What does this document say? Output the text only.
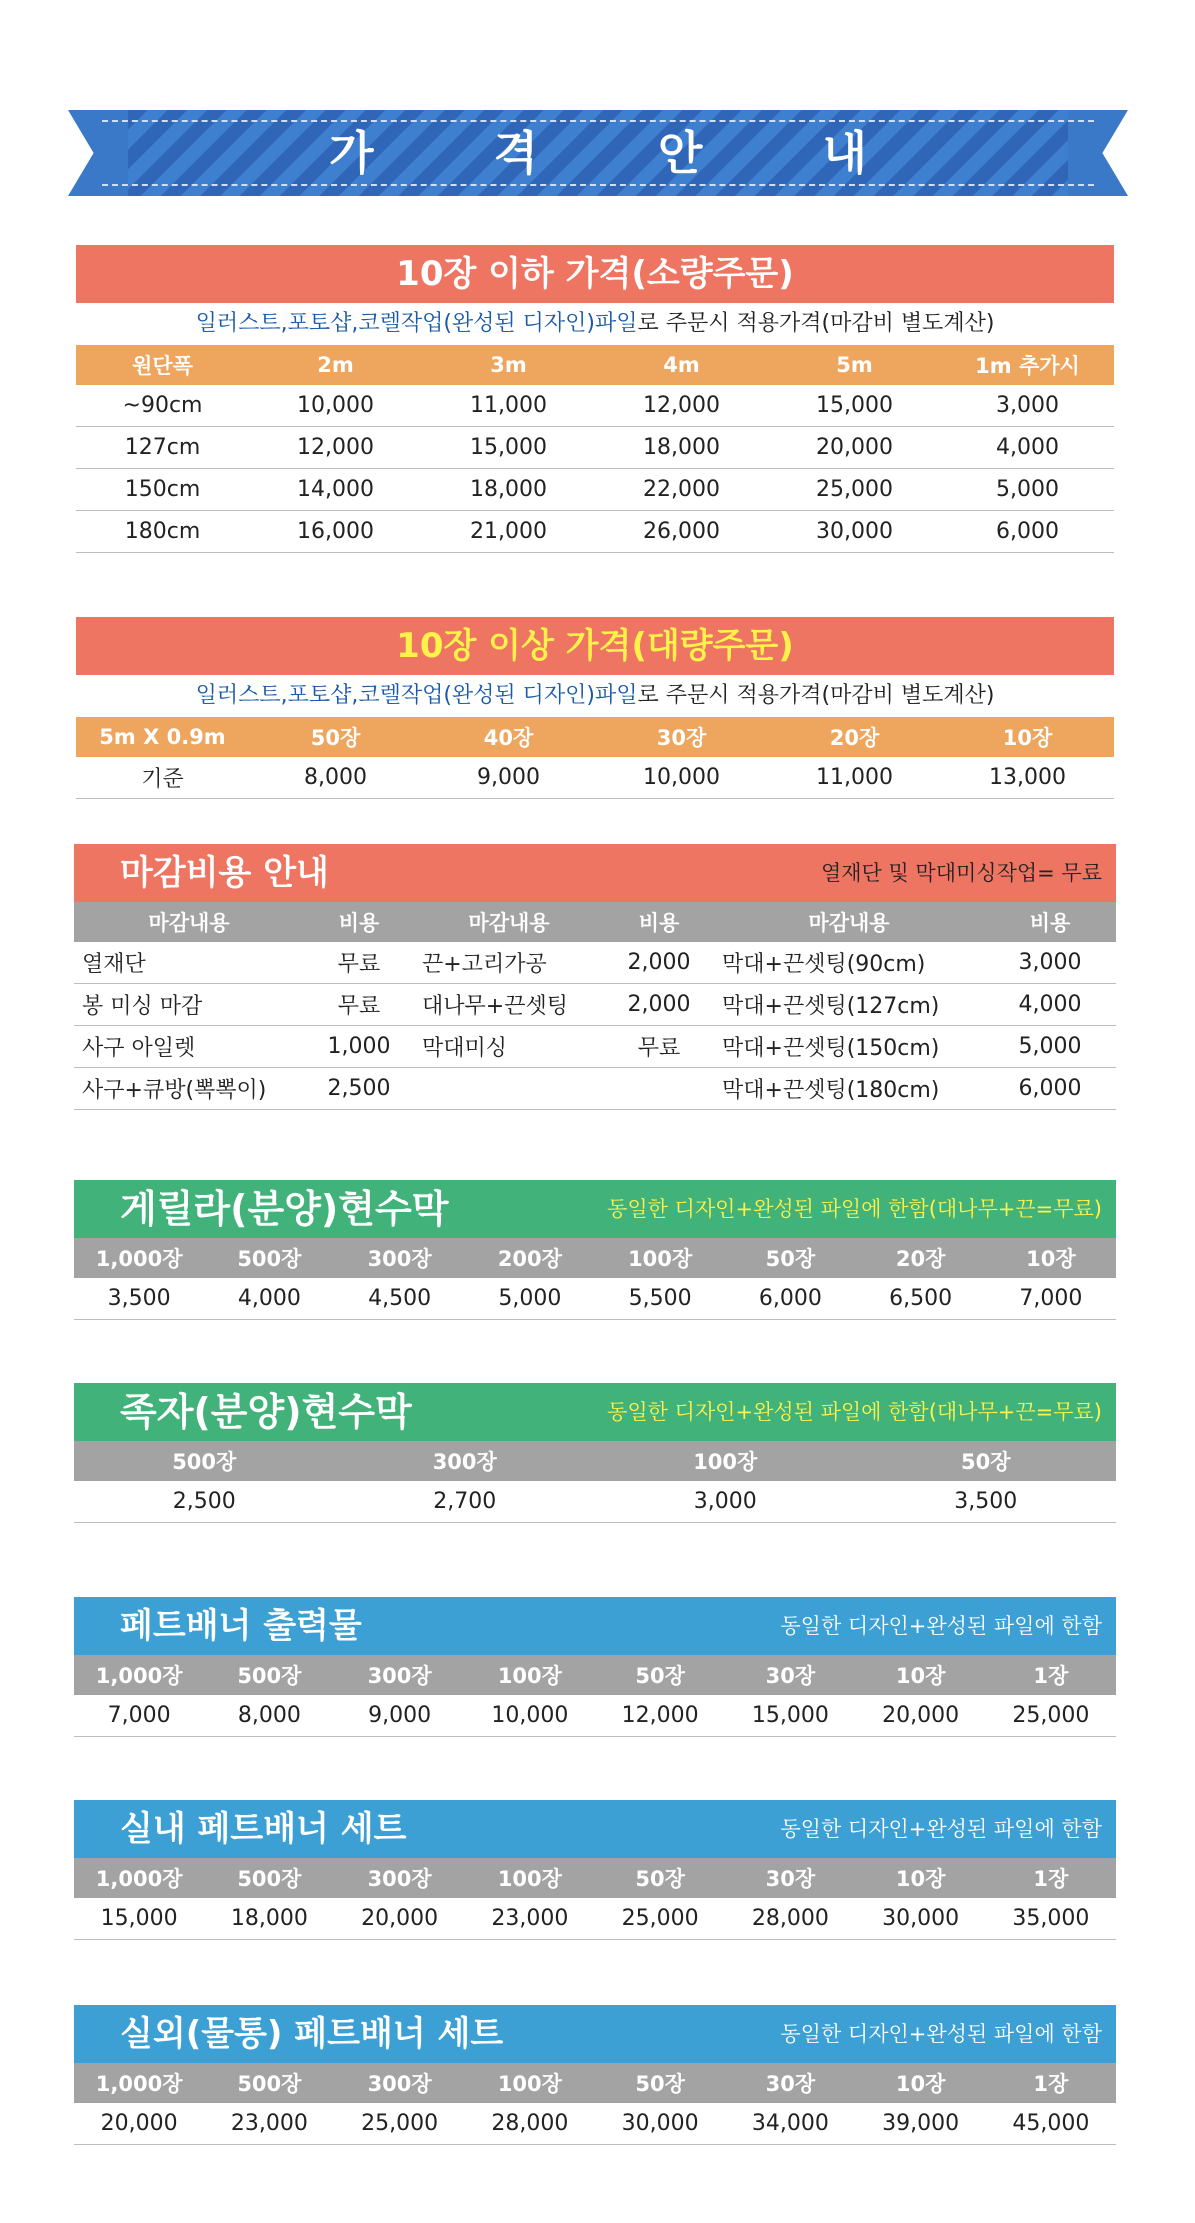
가 격 안 내
10장 이하 가격(소량주문)
일러스트,포토샵,코렐작업(완성된 디자인)파일로 주문시 적용가격(마감비 별도계산)
원단폭	2m	3m	4m	5m	1m 추가시
~90cm	10,000	11,000	12,000	15,000	3,000
127cm	12,000	15,000	18,000	20,000	4,000
150cm	14,000	18,000	22,000	25,000	5,000
180cm	16,000	21,000	26,000	30,000	6,000
10장 이상 가격(대량주문)
일러스트,포토샵,코렐작업(완성된 디자인)파일로 주문시 적용가격(마감비 별도계산)
5m X 0.9m	50장	40장	30장	20장	10장
기준	8,000	9,000	10,000	11,000	13,000
마감비용 안내	열재단 및 막대미싱작업= 무료
마감내용	비용	마감내용	비용	마감내용	비용
열재단	무료	끈+고리가공	2,000	막대+끈셋팅(90cm)	3,000
봉 미싱 마감	무료	대나무+끈셋팅	2,000	막대+끈셋팅(127cm)	4,000
사구 아일렛	1,000	막대미싱	무료	막대+끈셋팅(150cm)	5,000
사구+큐방(뽁뽁이)	2,500			막대+끈셋팅(180cm)	6,000
게릴라(분양)현수막	동일한 디자인+완성된 파일에 한함(대나무+끈=무료)
1,000장	500장	300장	200장	100장	50장	20장	10장
3,500	4,000	4,500	5,000	5,500	6,000	6,500	7,000
족자(분양)현수막	동일한 디자인+완성된 파일에 한함(대나무+끈=무료)
500장	300장	100장	50장
2,500	2,700	3,000	3,500
페트배너 출력물	동일한 디자인+완성된 파일에 한함
1,000장	500장	300장	100장	50장	30장	10장	1장
7,000	8,000	9,000	10,000	12,000	15,000	20,000	25,000
실내 페트배너 세트	동일한 디자인+완성된 파일에 한함
1,000장	500장	300장	100장	50장	30장	10장	1장
15,000	18,000	20,000	23,000	25,000	28,000	30,000	35,000
실외(물통) 페트배너 세트	동일한 디자인+완성된 파일에 한함
1,000장	500장	300장	100장	50장	30장	10장	1장
20,000	23,000	25,000	28,000	30,000	34,000	39,000	45,000
